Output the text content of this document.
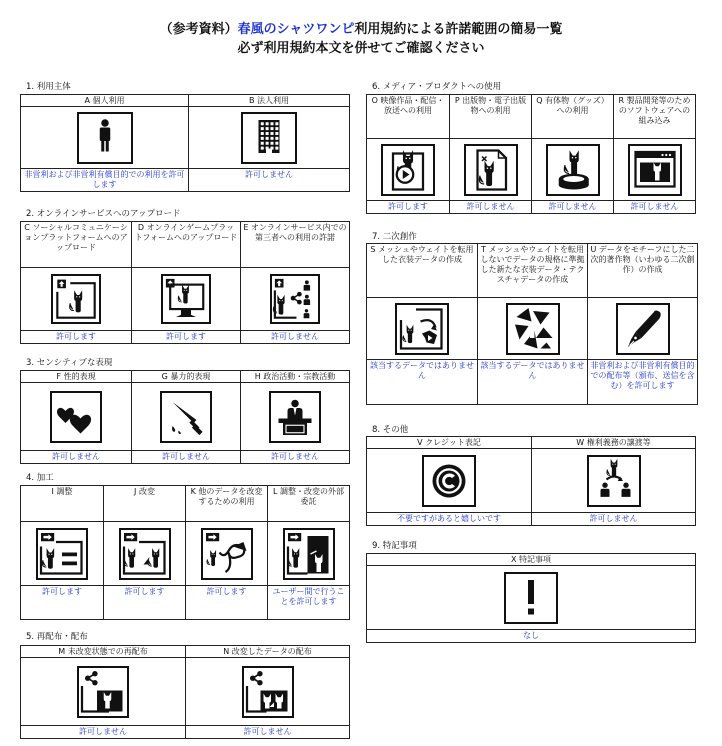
（参考資料）春風のシャツワンピ利用規約による許諾範囲の簡易一覧
必ず利用規約本文を併せてご確認ください
1. 利用主体
A 個人利用
非営利および非営利有償目的での利用を許可します
B 法人利用
許可しません
2. オンラインサービスへのアップロード
C ソーシャルコミュニケーションプラットフォームへのアップロード
許可します
D オンラインゲームプラットフォームへのアップロード
許可します
E オンラインサービス内での第三者への利用の許諾
許可しません
3. センシティブな表現
F 性的表現
許可しません
G 暴力的表現
許可しません
H 政治活動・宗教活動
許可しません
4. 加工
I 調整
許可します
J 改変
許可します
K 他のデータを改変するための利用
許可します
L 調整・改変の外部委託
ユーザー間で行うことを許可します
5. 再配布・配布
M 未改変状態での再配布
許可しません
N 改変したデータの配布
許可しません
6. メディア・プロダクトへの使用
O 映像作品・配信・放送への利用
許可します
P 出版物・電子出版物への利用
許可しません
Q 有体物（グッズ）への利用
許可しません
R 製品開発等のためのソフトウェアへの組み込み
許可しません
7. 二次創作
S メッシュやウェイトを転用した衣装データの作成
該当するデータではありません
T メッシュやウェイトを転用しないでデータの規格に準拠した新たな衣装データ・テクスチャデータの作成
該当するデータではありません
U データをモチーフにした二次的著作物（いわゆる二次創作）の作成
非営利および非営利有償目的での配布等（頒布、送信を含む）を許可します
8. その他
V クレジット表記
不要ですがあると嬉しいです
W 権利義務の譲渡等
許可しません
9. 特記事項
X 特記事項
なし
